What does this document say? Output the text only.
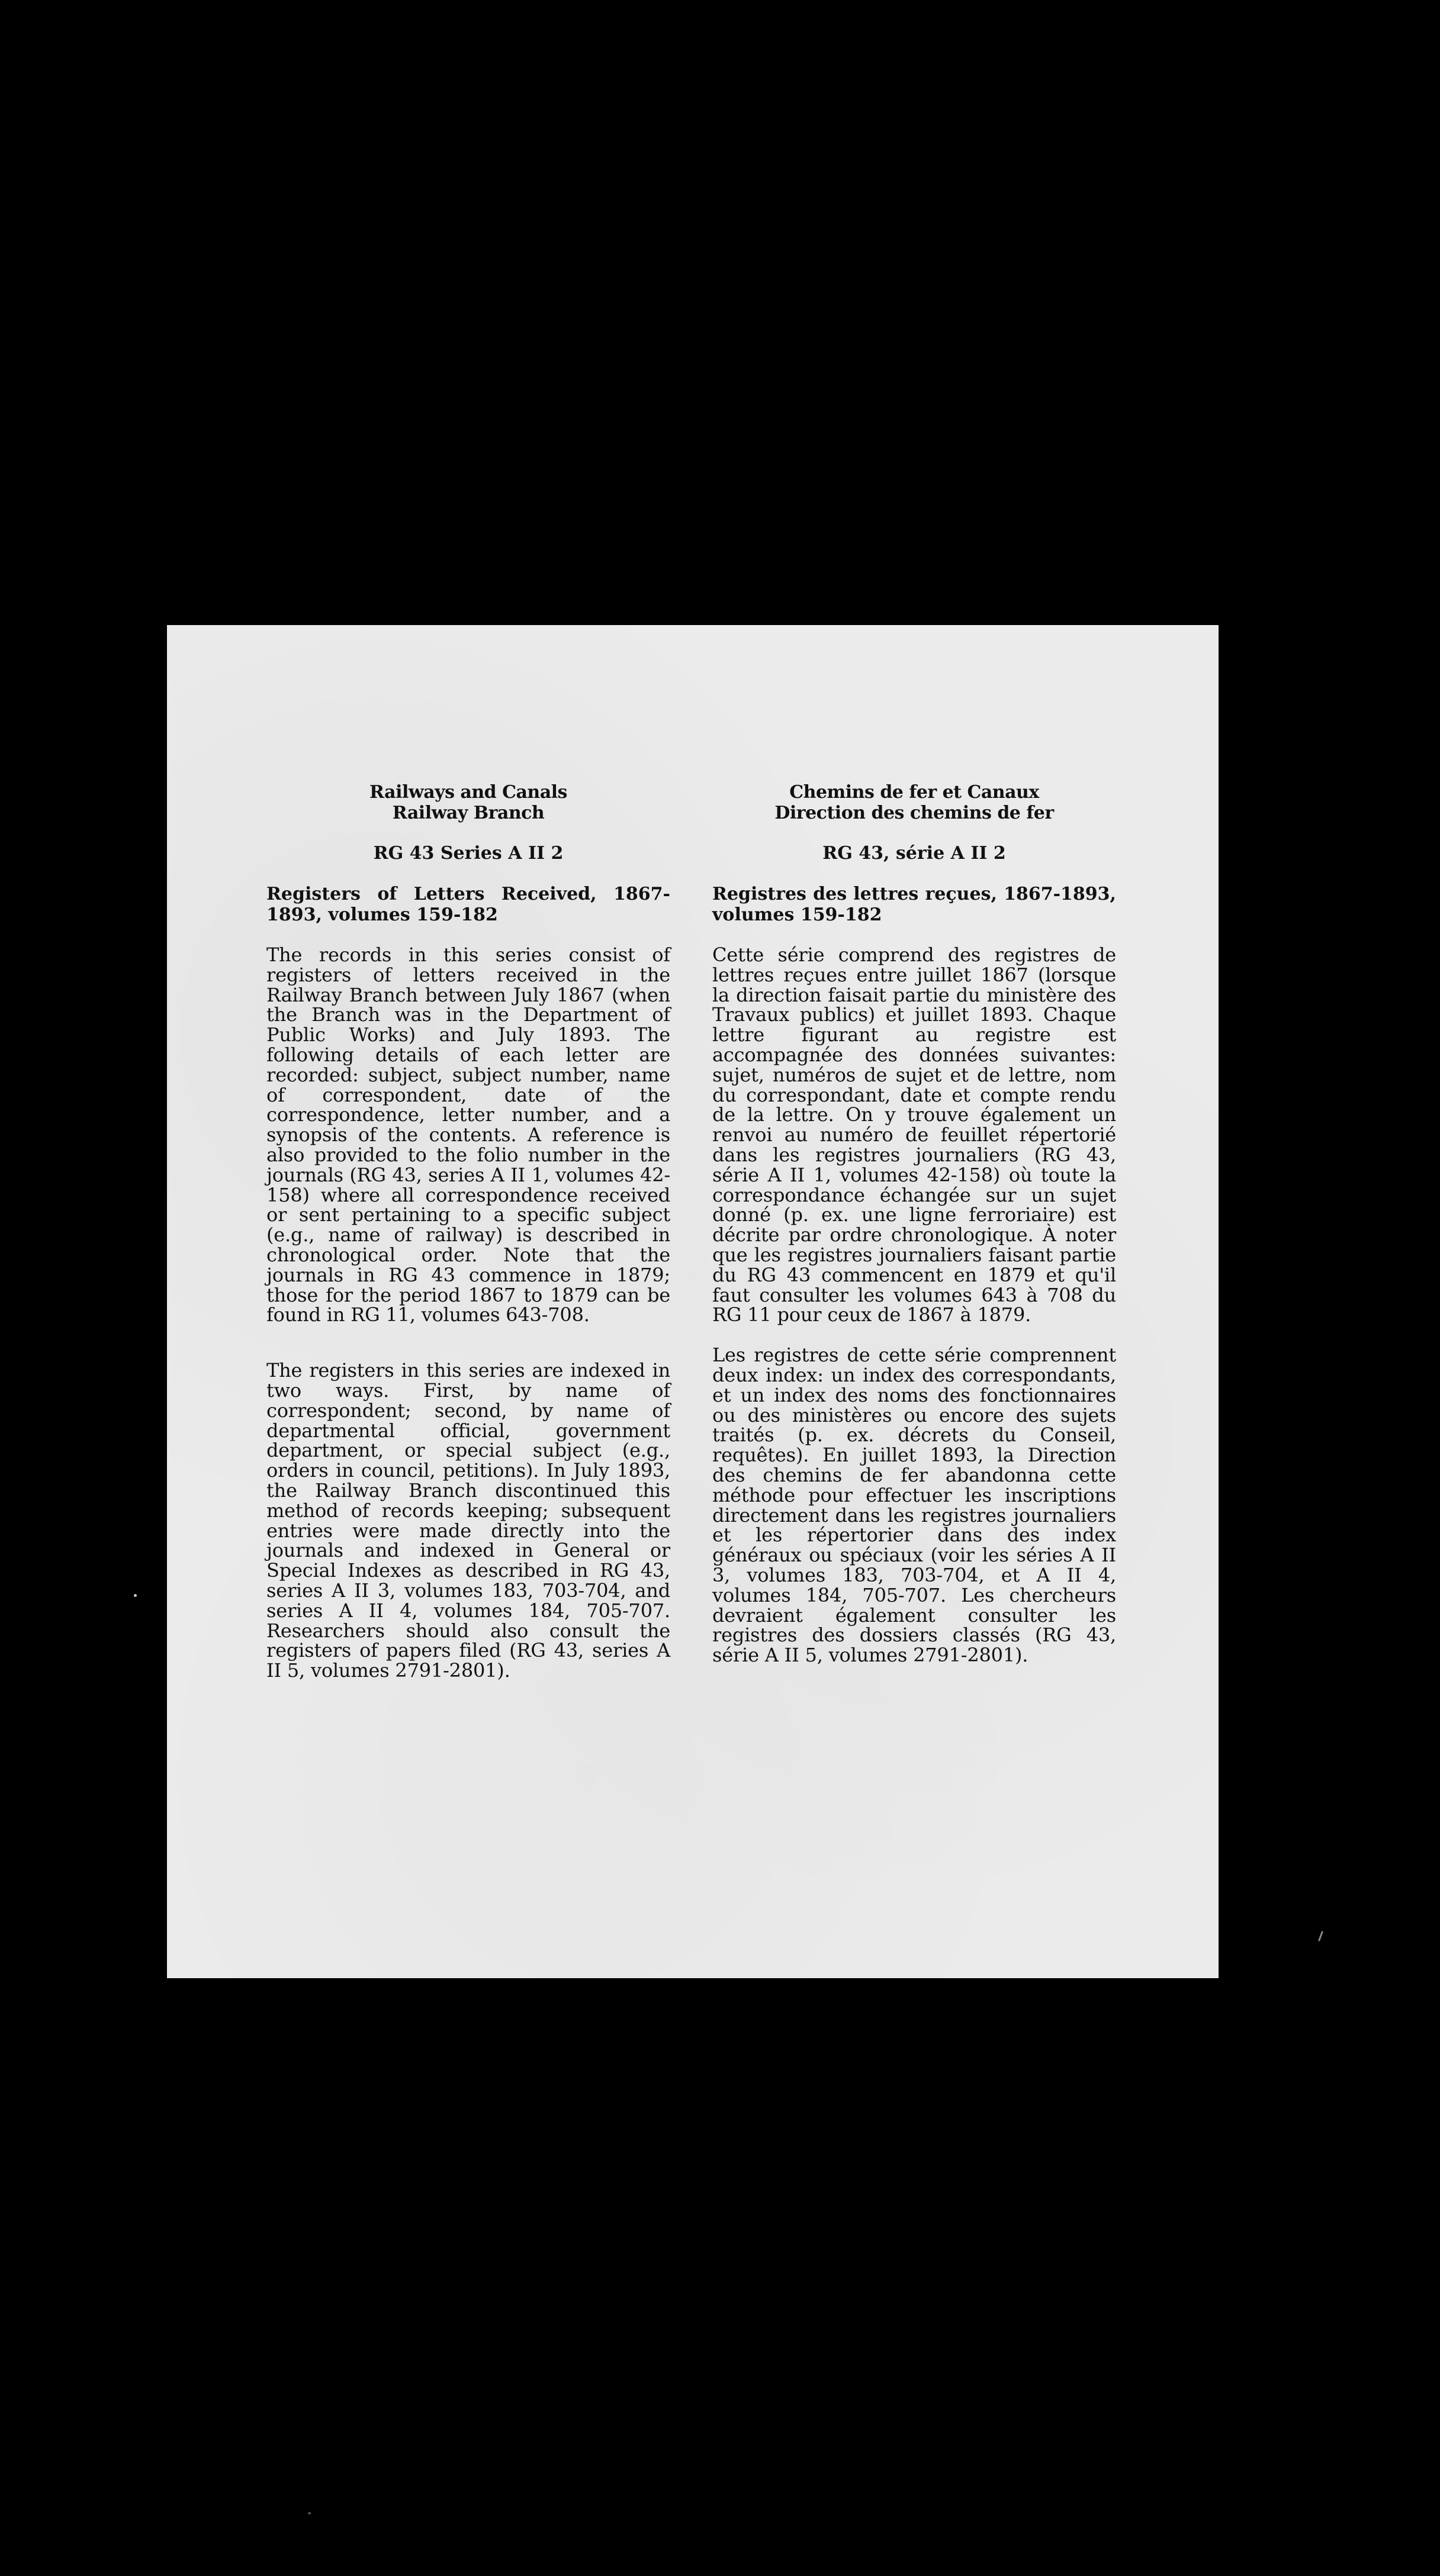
Railways and Canals
Railway Branch
RG 43 Series A II 2
Registers of Letters Received, 1867-1893, volumes 159-182
The records in this series consist of registers of letters received in the Railway Branch between July 1867 (when the Branch was in the Department of Public Works) and July 1893. The following details of each letter are recorded: subject, subject number, name of correspondent, date of the correspondence, letter number, and a synopsis of the contents. A reference is also provided to the folio number in the journals (RG 43, series A II 1, volumes 42-158) where all correspondence received or sent pertaining to a specific subject (e.g., name of railway) is described in chronological order. Note that the journals in RG 43 commence in 1879; those for the period 1867 to 1879 can be found in RG 11, volumes 643-708.
The registers in this series are indexed in two ways. First, by name of correspondent; second, by name of departmental official, government department, or special subject (e.g., orders in council, petitions). In July 1893, the Railway Branch discontinued this method of records keeping; subsequent entries were made directly into the journals and indexed in General or Special Indexes as described in RG 43, series A II 3, volumes 183, 703-704, and series A II 4, volumes 184, 705-707. Researchers should also consult the registers of papers filed (RG 43, series A II 5, volumes 2791-2801).
Chemins de fer et Canaux
Direction des chemins de fer
RG 43, série A II 2
Registres des lettres reçues, 1867-1893, volumes 159-182
Cette série comprend des registres de lettres reçues entre juillet 1867 (lorsque la direction faisait partie du ministère des Travaux publics) et juillet 1893. Chaque lettre figurant au registre est accompagnée des données suivantes: sujet, numéros de sujet et de lettre, nom du correspondant, date et compte rendu de la lettre. On y trouve également un renvoi au numéro de feuillet répertorié dans les registres journaliers (RG 43, série A II 1, volumes 42-158) où toute la correspondance échangée sur un sujet donné (p. ex. une ligne ferroriaire) est décrite par ordre chronologique. À noter que les registres journaliers faisant partie du RG 43 commencent en 1879 et qu'il faut consulter les volumes 643 à 708 du RG 11 pour ceux de 1867 à 1879.
Les registres de cette série comprennent deux index: un index des correspondants, et un index des noms des fonctionnaires ou des ministères ou encore des sujets traités (p. ex. décrets du Conseil, requêtes). En juillet 1893, la Direction des chemins de fer abandonna cette méthode pour effectuer les inscriptions directement dans les registres journaliers et les répertorier dans des index généraux ou spéciaux (voir les séries A II 3, volumes 183, 703-704, et A II 4, volumes 184, 705-707. Les chercheurs devraient également consulter les registres des dossiers classés (RG 43, série A II 5, volumes 2791-2801).
